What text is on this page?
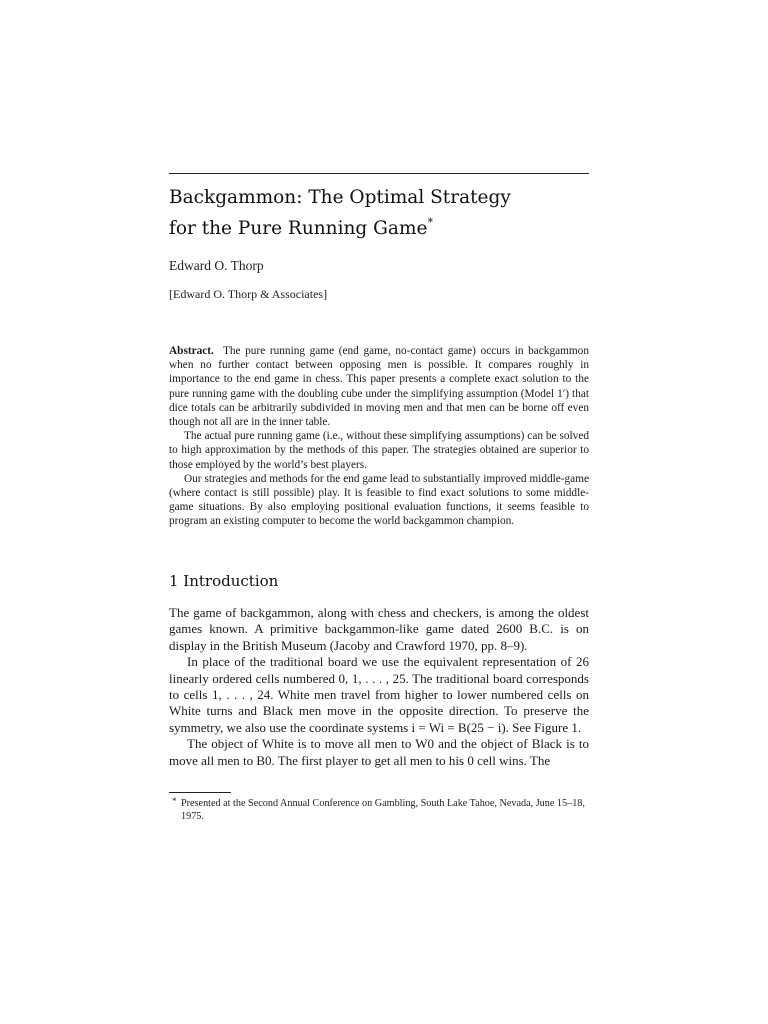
Backgammon: The Optimal Strategy
for the Pure Running Game*
Edward O. Thorp
[Edward O. Thorp & Associates]

Abstract. The pure running game (end game, no-contact game) occurs in backgammon when no further contact between opposing men is possible. It compares roughly in importance to the end game in chess. This paper presents a complete exact solution to the pure running game with the doubling cube under the simplifying assumption (Model 1′) that dice totals can be arbitrarily subdivided in moving men and that men can be borne off even though not all are in the inner table.

The actual pure running game (i.e., without these simplifying assumptions) can be solved to high approximation by the methods of this paper. The strategies obtained are superior to those employed by the world’s best players.

Our strategies and methods for the end game lead to substantially improved middle-game (where contact is still possible) play. It is feasible to find exact solutions to some middle-game situations. By also employing positional evaluation functions, it seems feasible to program an existing computer to become the world backgammon champion.

1 Introduction

The game of backgammon, along with chess and checkers, is among the oldest games known. A primitive backgammon-like game dated 2600 B.C. is on display in the British Museum (Jacoby and Crawford 1970, pp. 8–9).

In place of the traditional board we use the equivalent representation of 26 linearly ordered cells numbered 0, 1, . . . , 25. The traditional board corresponds to cells 1, . . . , 24. White men travel from higher to lower numbered cells on White turns and Black men move in the opposite direction. To preserve the symmetry, we also use the coordinate systems i = Wi = B(25 − i). See Figure 1.

The object of White is to move all men to W0 and the object of Black is to move all men to B0. The first player to get all men to his 0 cell wins. The

* Presented at the Second Annual Conference on Gambling, South Lake Tahoe, Nevada, June 15–18, 1975.
